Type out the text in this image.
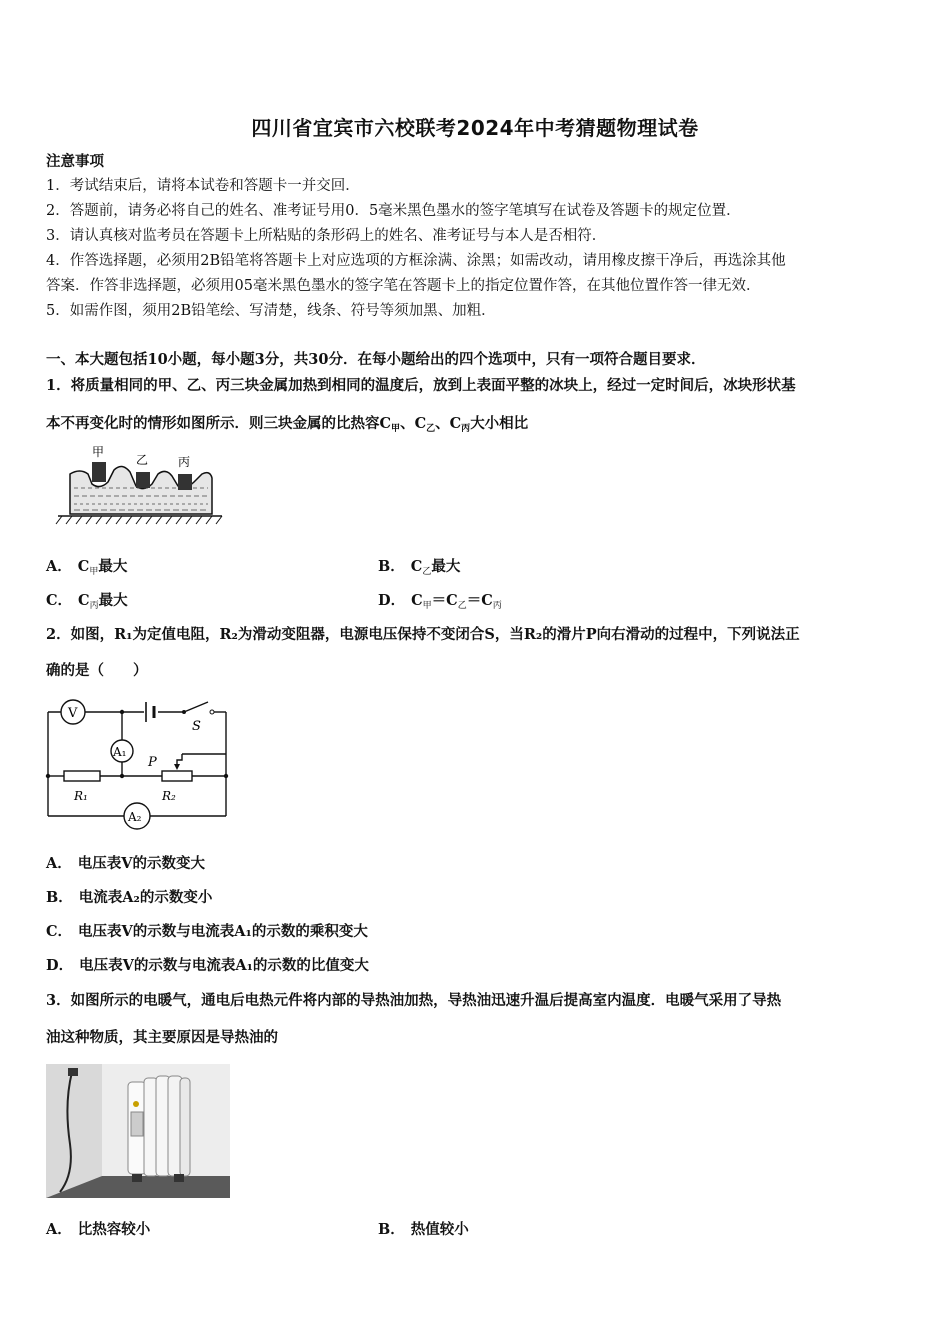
四川省宜宾市六校联考2024年中考猜题物理试卷
注意事项
1．考试结束后，请将本试卷和答题卡一并交回．
2．答题前，请务必将自己的姓名、准考证号用0．5毫米黑色墨水的签字笔填写在试卷及答题卡的规定位置．
3．请认真核对监考员在答题卡上所粘贴的条形码上的姓名、准考证号与本人是否相符．
4．作答选择题，必须用2B铅笔将答题卡上对应选项的方框涂满、涂黑；如需改动，请用橡皮擦干净后，再选涂其他
答案．作答非选择题，必须用05毫米黑色墨水的签字笔在答题卡上的指定位置作答，在其他位置作答一律无效．
5．如需作图，须用2B铅笔绘、写清楚，线条、符号等须加黑、加粗．
一、本大题包括10小题，每小题3分，共30分．在每小题给出的四个选项中，只有一项符合题目要求．
1．将质量相同的甲、乙、丙三块金属加热到相同的温度后，放到上表面平整的冰块上，经过一定时间后，冰块形状基
本不再变化时的情形如图所示．则三块金属的比热容$C_甲$、$C_乙$、$C_丙$大小相比
甲
乙 丙
A． $C_甲$最大	B． $C_乙$最大
C． $C_丙$最大	D． $C_甲=C_乙=C_丙$
2．如图，R₁为定值电阻，R₂为滑动变阻器，电源电压保持不变闭合S，当R₂的滑片P向右滑动的过程中，下列说法正
确的是（　　）
V
A₁
A₂
S
P
R₁	R₂
A． 电压表V的示数变大
B． 电流表A₂的示数变小
C． 电压表V的示数与电流表A₁的示数的乘积变大
D． 电压表V的示数与电流表A₁的示数的比值变大
3．如图所示的电暖气，通电后电热元件将内部的导热油加热，导热油迅速升温后提高室内温度．电暖气采用了导热
油这种物质，其主要原因是导热油的
A． 比热容较小	B． 热值较小
